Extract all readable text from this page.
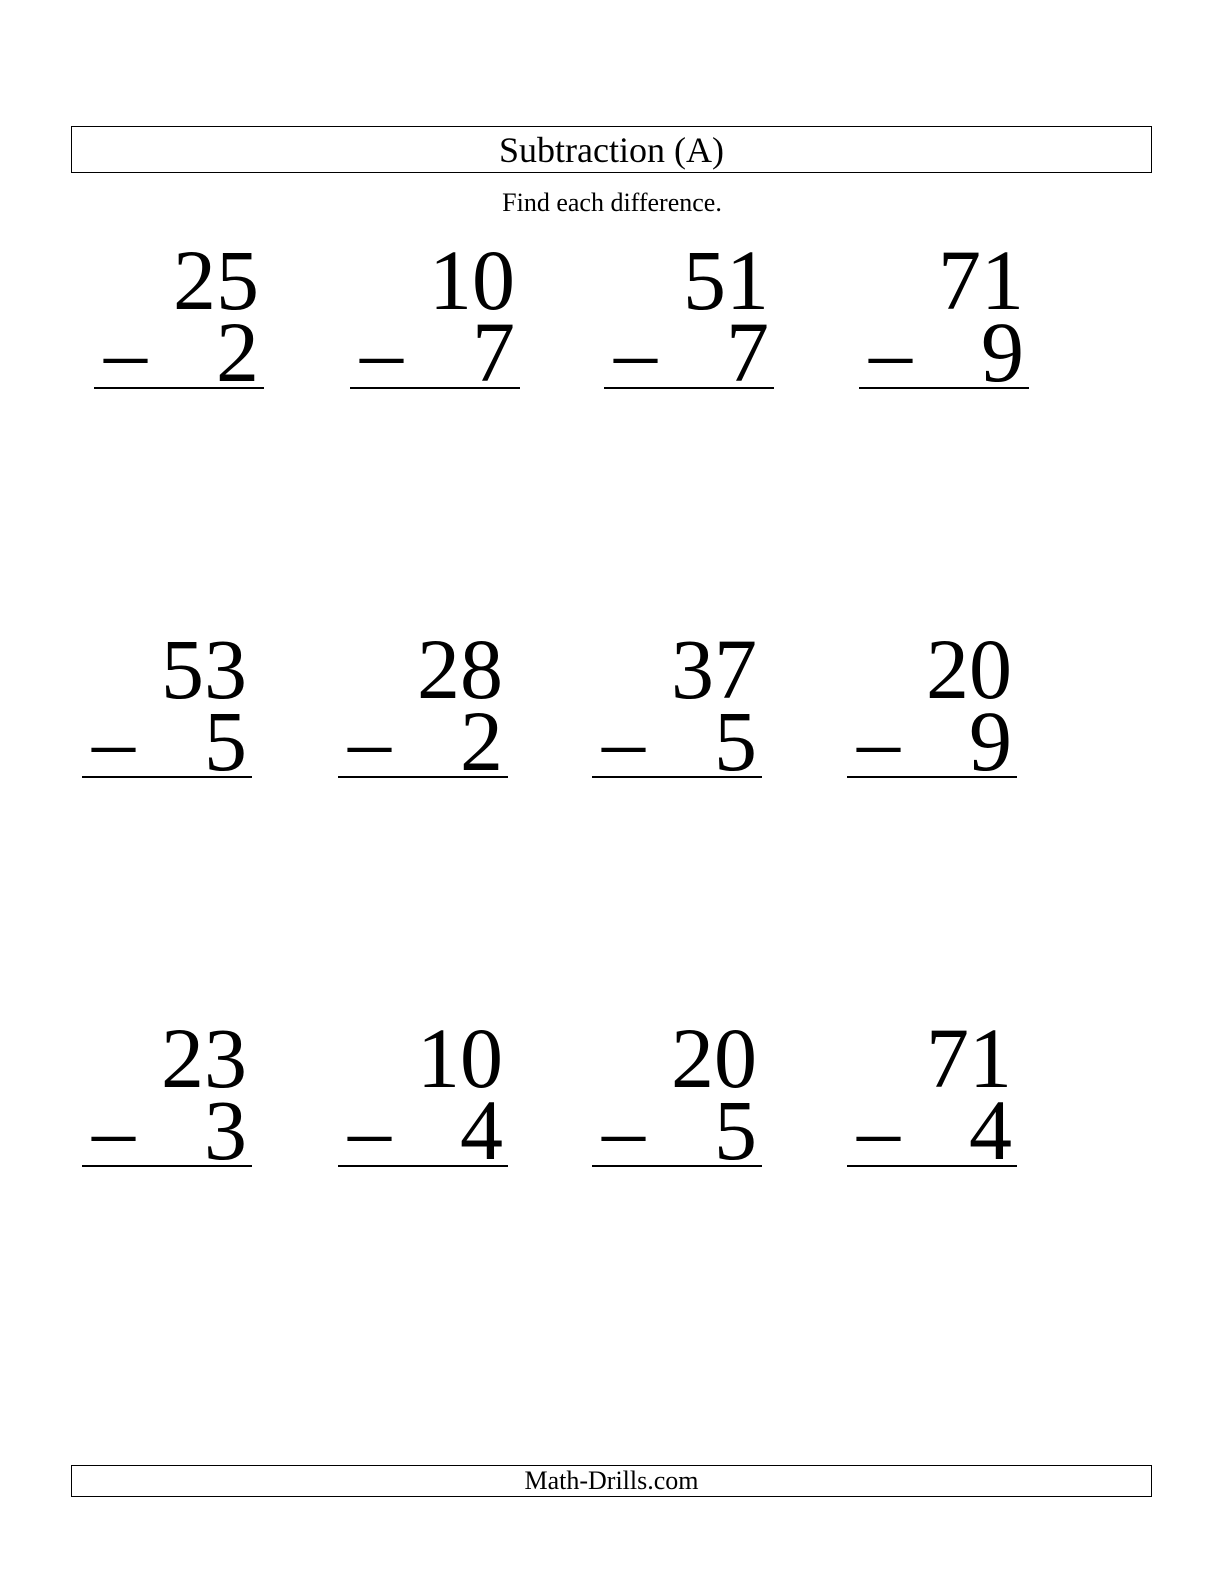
Subtraction (A)
Find each difference.
25
– 2
10
– 7
51
– 7
71
– 9
53
– 5
28
– 2
37
– 5
20
– 9
23
– 3
10
– 4
20
– 5
71
– 4
Math-Drills.com
